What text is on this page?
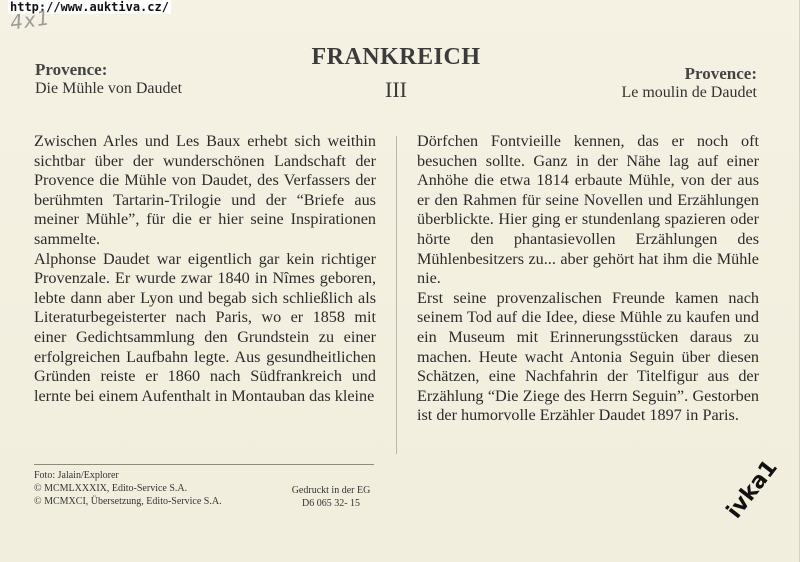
http://www.auktiva.cz/
4x1
FRANKREICH
III
Provence:
Die Mühle von Daudet
Provence:
Le moulin de Daudet

Zwischen Arles und Les Baux erhebt sich weithin sichtbar über der wunderschönen Landschaft der Provence die Mühle von Daudet, des Verfassers der berühmten Tartarin-Trilogie und der “Briefe aus meiner Mühle”, für die er hier seine Inspirationen sammelte.

Alphonse Daudet war eigentlich gar kein richtiger Provenzale. Er wurde zwar 1840 in Nîmes geboren, lebte dann aber Lyon und begab sich schließlich als Literaturbegeisterter nach Paris, wo er 1858 mit einer Gedichtsammlung den Grundstein zu einer erfolgreichen Laufbahn legte. Aus gesundheitlichen Gründen reiste er 1860 nach Südfrankreich und lernte bei einem Aufenthalt in Montauban das kleine

Dörfchen Fontvieille kennen, das er noch oft besuchen sollte. Ganz in der Nähe lag auf einer Anhöhe die etwa 1814 erbaute Mühle, von der aus er den Rahmen für seine Novellen und Erzählungen überblickte. Hier ging er stundenlang spazieren oder hörte den phantasievollen Erzählungen des Mühlenbesitzers zu... aber gehört hat ihm die Mühle nie.

Erst seine provenzalischen Freunde kamen nach seinem Tod auf die Idee, diese Mühle zu kaufen und ein Museum mit Erinnerungsstücken daraus zu machen. Heute wacht Antonia Seguin über diesen Schätzen, eine Nachfahrin der Titelfigur aus der Erzählung “Die Ziege des Herrn Seguin”. Gestorben ist der humorvolle Erzähler Daudet 1897 in Paris.

Foto: Jalain/Explorer
© MCMLXXXIX, Edito-Service S.A.
© MCMXCI, Übersetzung, Edito-Service S.A.
Gedruckt in der EG
D6 065 32- 15	ivka1
